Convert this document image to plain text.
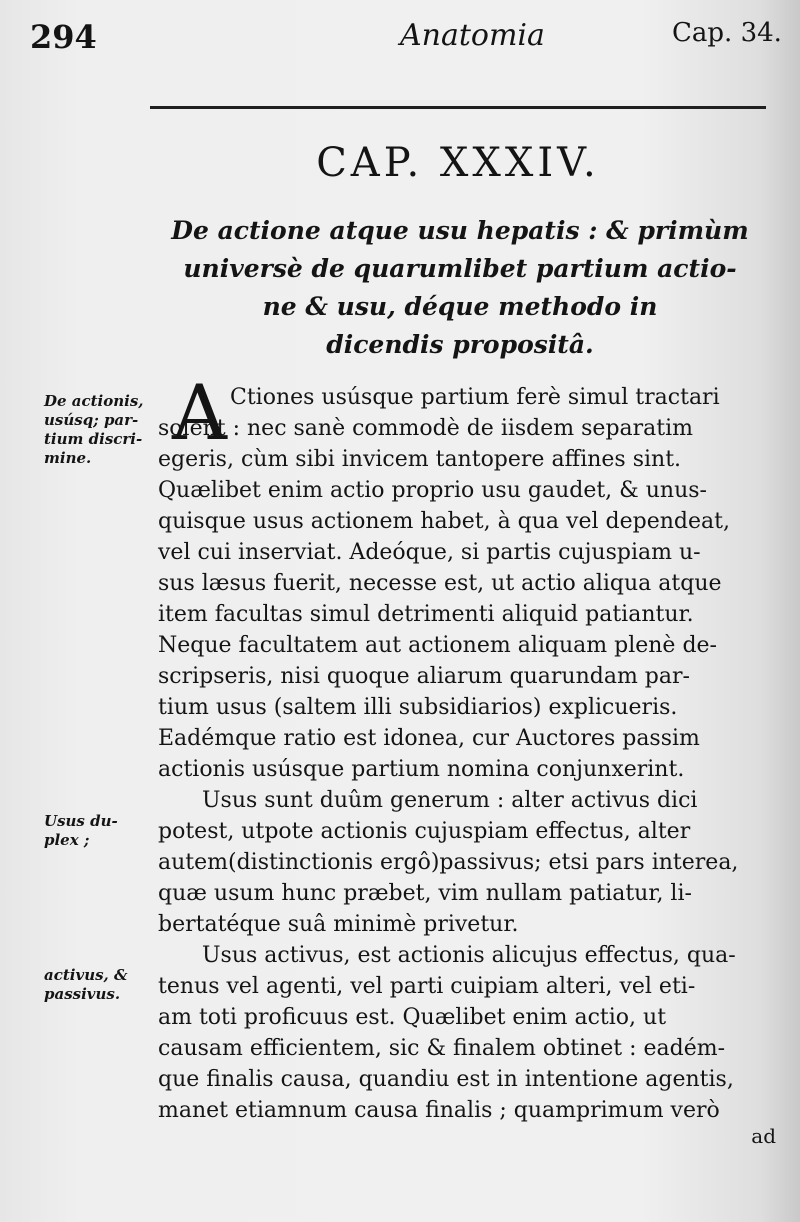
294	Anatomia	Cap. 34.
CAP. XXXIV.
De actione atque usu hepatis : & primùm
universè de quarumlibet partium actio-
ne & usu, déque methodo in
dicendis propositâ.
De actionis,
usúsq; par-
tium discri-
mine.
Usus du-
plex ;
activus, &
passivus.
A Ctiones usúsque partium ferè simul tractari
solent : nec sanè commodè de iisdem separatim
egeris, cùm sibi invicem tantopere affines sint.
Quælibet enim actio proprio usu gaudet, & unus-
quisque usus actionem habet, à qua vel dependeat,
vel cui inserviat. Adeóque, si partis cujuspiam u-
sus læsus fuerit, necesse est, ut actio aliqua atque
item facultas simul detrimenti aliquid patiantur.
Neque facultatem aut actionem aliquam plenè de-
scripseris, nisi quoque aliarum quarundam par-
tium usus (saltem illi subsidiarios) explicueris.
Eadémque ratio est idonea, cur Auctores passim
actionis usúsque partium nomina conjunxerint.
Usus sunt duûm generum : alter activus dici
potest, utpote actionis cujuspiam effectus, alter
autem(distinctionis ergô)passivus; etsi pars interea,
quæ usum hunc præbet, vim nullam patiatur, li-
bertatéque suâ minimè privetur.
Usus activus, est actionis alicujus effectus, qua-
tenus vel agenti, vel parti cuipiam alteri, vel eti-
am toti proficuus est. Quælibet enim actio, ut
causam efficientem, sic & finalem obtinet : eadém-
que finalis causa, quandiu est in intentione agentis,
manet etiamnum causa finalis ; quamprimum verò
ad
